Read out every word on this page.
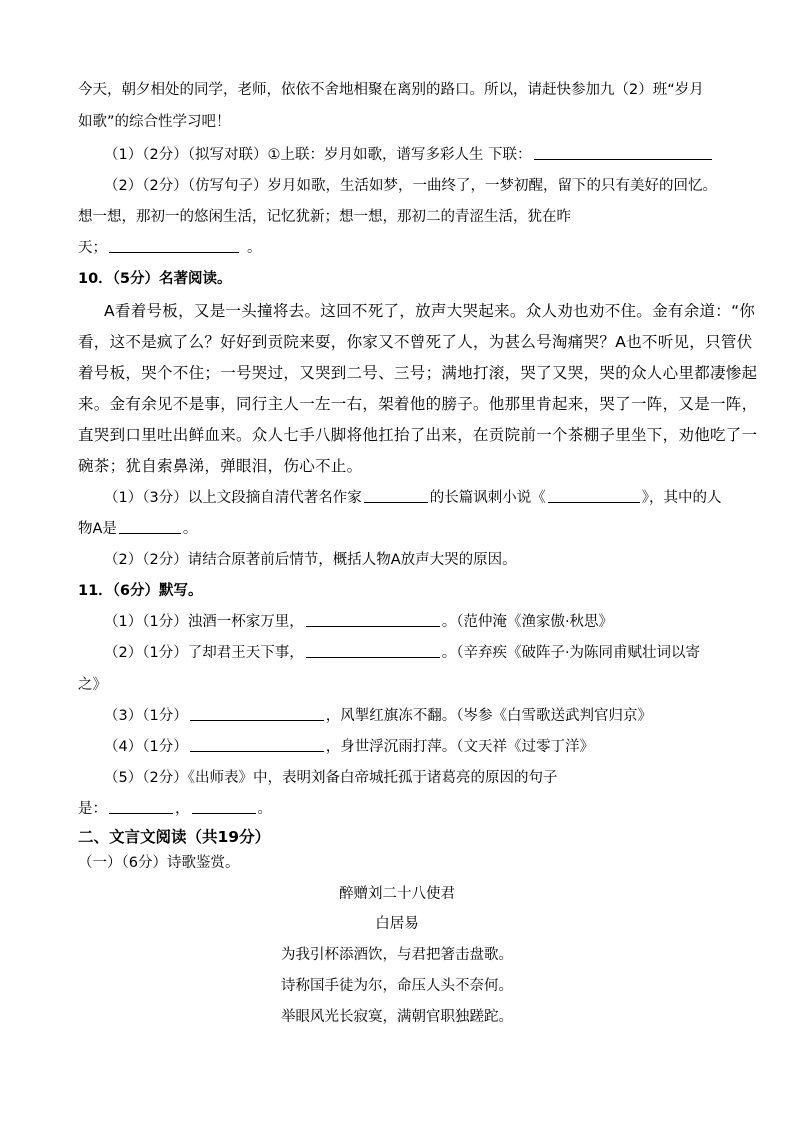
今天，朝夕相处的同学，老师，依依不舍地相聚在离别的路口。所以，请赶快参加九（2）班“岁月
如歌”的综合性学习吧！
（1）（2分）（拟写对联）①上联：岁月如歌，谱写多彩人生 下联：
（2）（2分）（仿写句子）岁月如歌，生活如梦，一曲终了，一梦初醒，留下的只有美好的回忆。
想一想，那初一的悠闲生活，记忆犹新；想一想，那初二的青涩生活，犹在昨
天；	。
10．（5分）名著阅读。
A看着号板，又是一头撞将去。这回不死了，放声大哭起来。众人劝也劝不住。金有余道：“你
看，这不是疯了么？好好到贡院来耍，你家又不曾死了人，为甚么号淘痛哭？A也不听见，只管伏
着号板，哭个不住；一号哭过，又哭到二号、三号；满地打滚，哭了又哭，哭的众人心里都凄惨起
来。金有余见不是事，同行主人一左一右，架着他的膀子。他那里肯起来，哭了一阵，又是一阵，
直哭到口里吐出鲜血来。众人七手八脚将他扛抬了出来，在贡院前一个茶棚子里坐下，劝他吃了一
碗茶；犹自索鼻涕，弹眼泪，伤心不止。
（1）（3分）以上文段摘自清代著名作家	的长篇讽刺小说《	》，其中的人
物A是	。
（2）（2分）请结合原著前后情节，概括人物A放声大哭的原因。
11．（6分）默写。
（1）（1分）浊酒一杯家万里，	。（范仲淹《渔家傲·秋思》
（2）（1分）了却君王天下事，	。（辛弃疾《破阵子·为陈同甫赋壮词以寄
之》
（3）（1分）	，风掣红旗冻不翻。（岑参《白雪歌送武判官归京》
（4）（1分）	，身世浮沉雨打萍。（文天祥《过零丁洋》
（5）（2分）《出师表》中，表明刘备白帝城托孤于诸葛亮的原因的句子
是：	，	。
二、文言文阅读（共19分）
（一）（6分）诗歌鉴赏。
醉赠刘二十八使君
白居易
为我引杯添酒饮，与君把箸击盘歌。
诗称国手徒为尔，命压人头不奈何。
举眼风光长寂寞，满朝官职独蹉跎。
